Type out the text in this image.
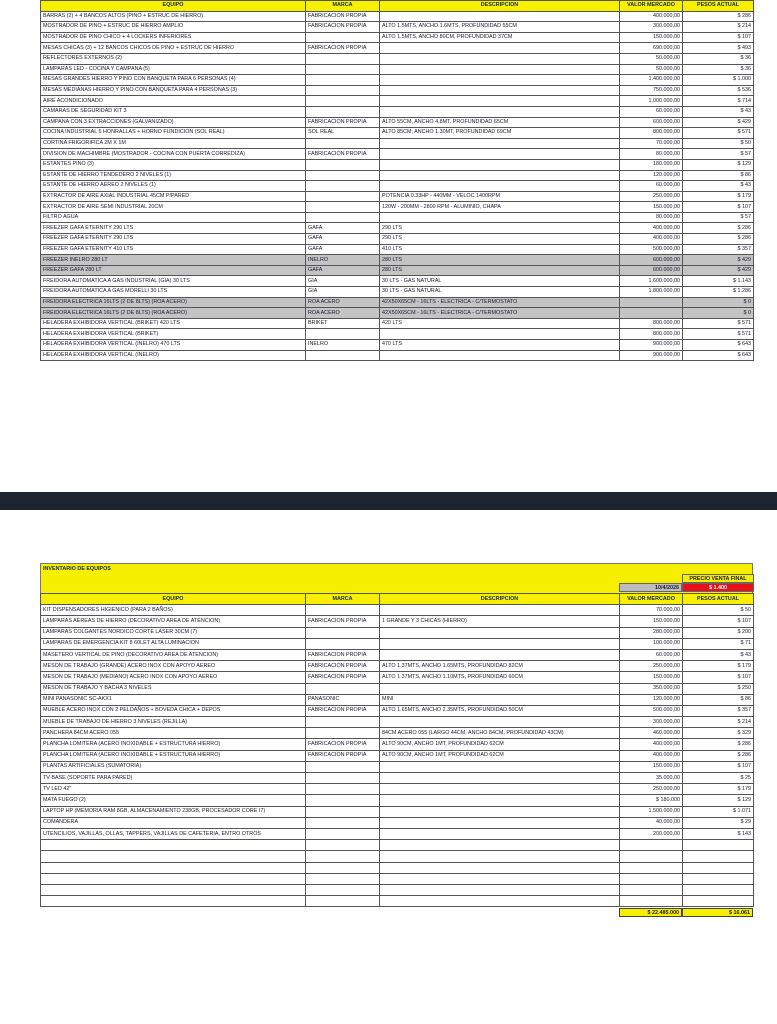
EQUIPO	MARCA	DESCRIPCION	VALOR MERCADO	PESOS ACTUAL
BARRAS (2) + 4 BANCOS ALTOS (PINO + ESTRUC DE HIERRO)	FABRICACION PROPIA		400.000,00	$ 286
MOSTRADOR DE PINO + ESTRUC DE HIERRO AMPLIO	FABRICACION PROPIA	ALTO 1.5MTS, ANCHO 1.6MTS, PROFUNDIDAD 55CM	300.000,00	$ 214
MOSTRADOR DE PINO CHICO + 4 LOCKERS INFERIORES		ALTO 1.5MTS, ANCHO 80CM, PROFUNDIDAD 37CM	150.000,00	$ 107
MESAS CHICAS (3) + 12 BANCOS CHICOS DE PINO + ESTRUC DE HIERRO	FABRICACION PROPIA		690.000,00	$ 493
REFLECTORES EXTERNOS (2)			50.000,00	$ 36
LAMPARAS LED - COCINA Y CAMPANA (5)			50.000,00	$ 36
MESAS GRANDES HIERRO Y PINO CON BANQUETA PARA 6 PERSONAS (4)			1.400.000,00	$ 1.000
MESAS MEDIANAS HIERRO Y PINO CON BANQUETA PARA 4 PERSONAS (3)			750.000,00	$ 536
AIRE ACONDICIONADO			1.000.000,00	$ 714
CAMARAS DE SEGURIDAD KIT 3			60.000,00	$ 43
CAMPANA CON 3 EXTRACCIONES (GALVANIZADO)	FABRICACION PROPIA	ALTO 55CM, ANCHO 4.8MT, PROFUNDIDAD 65CM	600.000,00	$ 429
COCINA INDUSTRIAL 6 HONRALLAS + HORNO FUNDICION (SOL REAL)	SOL REAL	ALTO 85CM, ANCHO 1.30MT, PROFUNDIDAD 69CM	800.000,00	$ 571
CORTINA FRIGORIFICA 2M X 1M			70.000,00	$ 50
DIVISION DE MACHIMBRE (MOSTRADOR - COCINA CON PUERTA CORREDIZA)	FABRICACION PROPIA		80.000,00	$ 57
ESTANTES PINO (3)			180.000,00	$ 129
ESTANTE DE HIERRO TENDEDERO 2 NIVELES (1)			120.000,00	$ 86
ESTANTE DE HIERRO AEREO 2 NIVELES (1)			60.000,00	$ 43
EXTRACTOR DE AIRE AXIAL INDUSTRIAL 45CM P/PARED		POTENCIA 0.33HP - 440MM - VELOC 1400RPM	250.000,00	$ 179
EXTRACTOR DE AIRE SEMI INDUSTRIAL 20CM		120W - 200MM - 2800 RPM - ALUMINIO, CHAPA	150.000,00	$ 107
FILTRO AGUA			80.000,00	$ 57
FREEZER GAFA ETERNITY 290 LTS	GAFA	290 LTS	400.000,00	$ 286
FREEZER GAFA ETERNITY 290 LTS	GAFA	290 LTS	400.000,00	$ 286
FREEZER GAFA ETERNITY 410 LTS	GAFA	410 LTS	500.000,00	$ 357
FREEZER INELRO 280 LT	INELRO	280 LTS	600.000,00	$ 429
FREEZER GAFA 280 LT	GAFA	280 LTS	600.000,00	$ 429
FREIDORA AUTOMATICA A GAS INDUSTRIAL (GIA) 30 LTS	GIA	30 LTS - GAS NATURAL	1.600.000,00	$ 1.143
FREIDORA AUTOMATICA A GAS MORELLI 30 LTS	GIA	30 LTS - GAS NATURAL	1.800.000,00	$ 1.286
FREIDORA ELECTRICA 16LTS (2 DE 8LTS) (ROA ACERO)	ROA ACERO	42X50X65CM - 16LTS - ELECTRICA - C/TERMOSTATO		$ 0
FREIDORA ELECTRICA 16LTS (2 DE 8LTS) (ROA ACERO)	ROA ACERO	42X50X65CM - 16LTS - ELECTRICA - C/TERMOSTATO		$ 0
HELADERA EXHIBIDORA VERTICAL (BRIKET) 420 LTS	BRIKET	420 LTS	800.000,00	$ 571
HELADERA EXHIBIDORA VERTICAL (BRIKET)			800.000,00	$ 571
HELADERA EXHIBIDORA VERTICAL (INELRO) 470 LTS	INELRO	470 LTS	900.000,00	$ 643
HELADERA EXHIBIDORA VERTICAL (INELRO)			900.000,00	$ 643
INVENTARIO DE EQUIPOS
PRECIO VENTA FINAL
10/4/2026	$ 1.400
EQUIPO	MARCA	DESCRIPCION	VALOR MERCADO	PESOS ACTUAL
KIT DISPENSADORES HIGIENICO (PARA 2 BAÑOS)			70.000,00	$ 50
LAMPARAS AEREAS DE HIERRO (DECORATIVO AREA DE ATENCION)	FABRICACION PROPIA	1 GRANDE Y 3 CHICAS (HIERRO)	150.000,00	$ 107
LAMPARAS COLGANTES NORDICO CORTE LASER 30CM (7)			280.000,00	$ 200
LAMPARAS DE EMERGENCIA KIT 8 60LET ALTA LUMINACION			100.000,00	$ 71
MASETERO VERTICAL DE PINO (DECORATIVO AREA DE ATENCION)	FABRICACION PROPIA		60.000,00	$ 43
MESON DE TRABAJO (GRANDE) ACERO INOX CON APOYO AEREO	FABRICACION PROPIA	ALTO 1.37MTS, ANCHO 1.65MTS, PROFUNDIDAD 82CM	250.000,00	$ 179
MESON DE TRABAJO (MEDIANO) ACERO INOX CON APOYO AEREO	FABRICACION PROPIA	ALTO 1.37MTS, ANCHO 1.10MTS, PROFUNDIDAD 60CM	150.000,00	$ 107
MESON DE TRABAJO Y BACHA 3 NIVELES			350.000,00	$ 250
MINI PANASONIC SC-AKX1	PANASONIC	MINI	120.000,00	$ 86
MUEBLE ACERO INOX CON 2 PELDAÑOS + BOVEDA CHICA + DEPOS	FABRICACION PROPIA	ALTO 1.65MTS, ANCHO 2.35MTS, PROFUNDIDAD 50CM	500.000,00	$ 357
MUEBLE DE TRABAJO DE HIERRO 3 NIVELES (REJILLA)			300.000,00	$ 214
PANCHERA 84CM ACERO 055		84CM ACERO 055 (LARGO 44CM, ANCHO 84CM, PROFUNDIDAD 43CM)	460.000,00	$ 329
PLANCHA LOMITERA (ACERO INOXIDABLE + ESTRUCTURA HIERRO)	FABRICACION PROPIA	ALTO 90CM, ANCHO 1MT, PROFUNDIDAD 62CM	400.000,00	$ 286
PLANCHA LOMITERA (ACERO INOXIDABLE + ESTRUCTURA HIERRO)	FABRICACION PROPIA	ALTO 90CM, ANCHO 1MT, PROFUNDIDAD 62CM	400.000,00	$ 286
PLANTAS ARTIFICIALES (SUMATORIA)			150.000,00	$ 107
TV BASE (SOPORTE PARA PARED)			35.000,00	$ 25
TV LED 42''			250.000,00	$ 179
MATA FUEGO (2)			$ 180.000	$ 129
LAPTOP HP (MEMORIA RAM 8GB, ALMACENAMIENTO 238GB, PROCESADOR CORE I7)			1.500.000,00	$ 1.071
COMANDERA			40.000,00	$ 29
UTENCILIOS, VAJILLAS, OLLAS, TAPPERS, VAJILLAS DE CAFETERIA, ENTRO OTROS			200.000,00	$ 143

$ 22.485.000	$ 16.061
